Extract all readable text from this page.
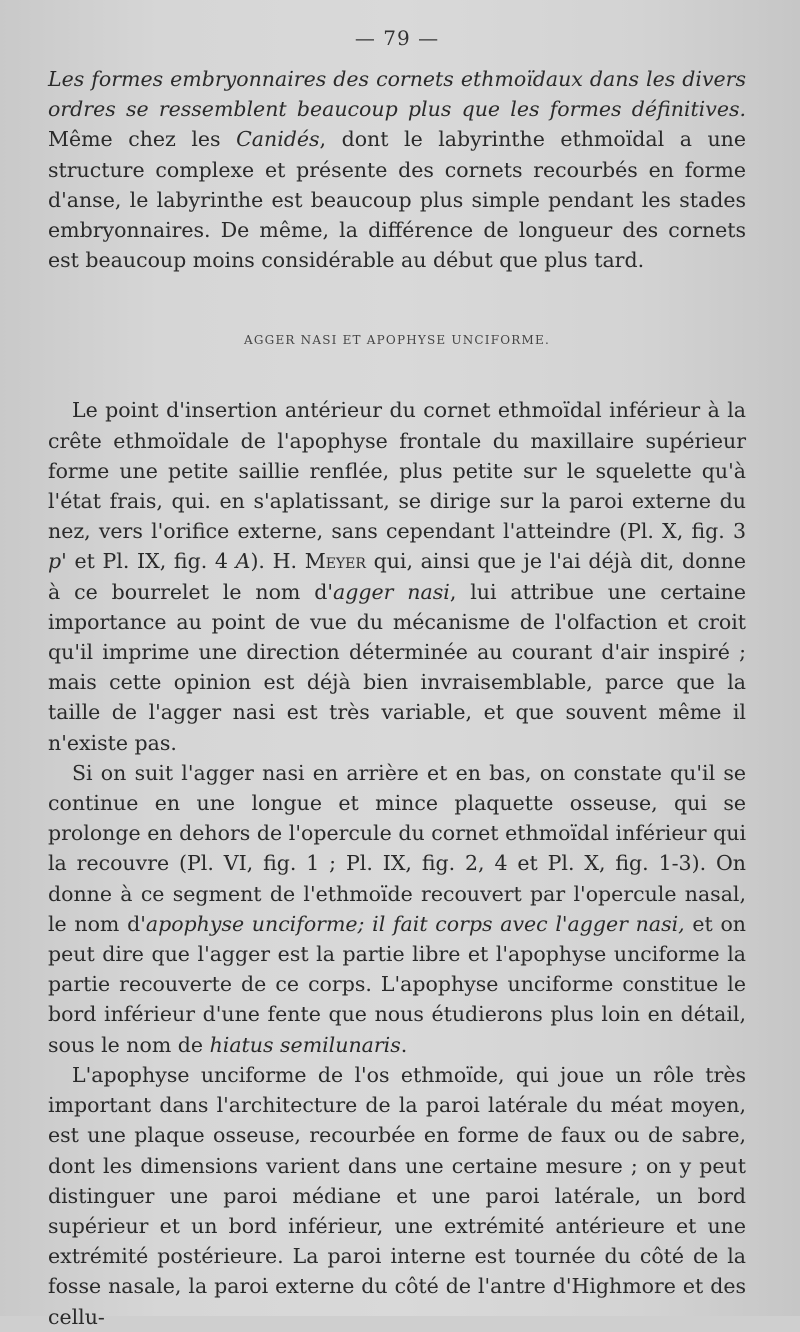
— 79 —

Les formes embryonnaires des cornets ethmoïdaux dans les divers ordres se ressemblent beaucoup plus que les formes définitives. Même chez les Canidés, dont le labyrinthe ethmoïdal a une structure complexe et présente des cornets recourbés en forme d'anse, le labyrinthe est beaucoup plus simple pendant les stades embryonnaires. De même, la différence de longueur des cornets est beaucoup moins considérable au début que plus tard.

AGGER NASI ET APOPHYSE UNCIFORME.

Le point d'insertion antérieur du cornet ethmoïdal inférieur à la crête ethmoïdale de l'apophyse frontale du maxillaire supérieur forme une petite saillie renflée, plus petite sur le squelette qu'à l'état frais, qui. en s'aplatissant, se dirige sur la paroi externe du nez, vers l'orifice externe, sans cependant l'atteindre (Pl. X, fig. 3 p' et Pl. IX, fig. 4 A). H. Meyer qui, ainsi que je l'ai déjà dit, donne à ce bourrelet le nom d'agger nasi, lui attribue une certaine importance au point de vue du mécanisme de l'olfaction et croit qu'il imprime une direction déterminée au courant d'air inspiré ; mais cette opinion est déjà bien invraisemblable, parce que la taille de l'agger nasi est très variable, et que souvent même il n'existe pas.

Si on suit l'agger nasi en arrière et en bas, on constate qu'il se continue en une longue et mince plaquette osseuse, qui se prolonge en dehors de l'opercule du cornet ethmoïdal inférieur qui la recouvre (Pl. VI, fig. 1 ; Pl. IX, fig. 2, 4 et Pl. X, fig. 1-3). On donne à ce segment de l'ethmoïde recouvert par l'opercule nasal, le nom d'apophyse unciforme; il fait corps avec l'agger nasi, et on peut dire que l'agger est la partie libre et l'apophyse unciforme la partie recouverte de ce corps. L'apophyse unciforme constitue le bord inférieur d'une fente que nous étudierons plus loin en détail, sous le nom de hiatus semilunaris.

L'apophyse unciforme de l'os ethmoïde, qui joue un rôle très important dans l'architecture de la paroi latérale du méat moyen, est une plaque osseuse, recourbée en forme de faux ou de sabre, dont les dimensions varient dans une certaine mesure ; on y peut distinguer une paroi médiane et une paroi latérale, un bord supérieur et un bord inférieur, une extrémité antérieure et une extrémité postérieure. La paroi interne est tournée du côté de la fosse nasale, la paroi externe du côté de l'antre d'Highmore et des cellu-
